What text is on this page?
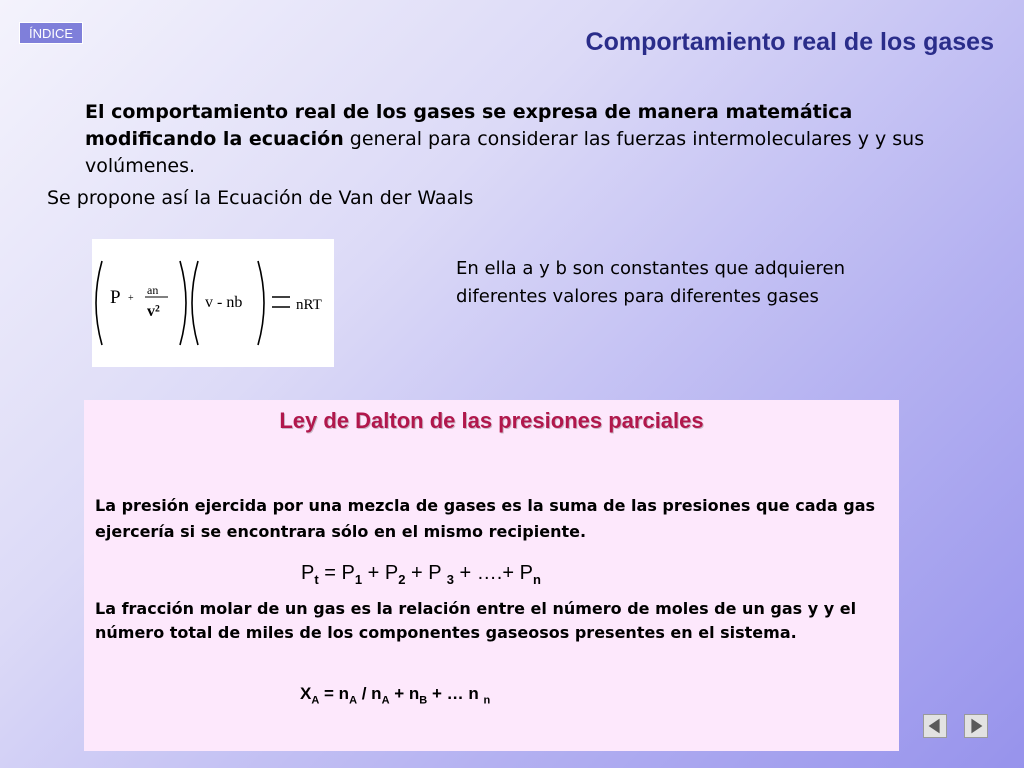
ÍNDICE	Comportamiento real de los gases
El comportamiento real de los gases se expresa de manera matemática modificando la ecuación general para considerar las fuerzas intermoleculares y y sus volúmenes.
Se propone así la Ecuación de Van der Waals
P +
an
v²
v - nb	nRT
En ella a y b son constantes que adquieren diferentes valores para diferentes gases
Ley de Dalton de las presiones parciales
La presión ejercida por una mezcla de gases es la suma de las presiones que cada gas ejercería si se encontrara sólo en el mismo recipiente.
$P_t = P_1 + P_2 + P$ $_3$ + ….+ $P_n$
La fracción molar de un gas es la relación entre el número de moles de un gas y y el número total de miles de los componentes gaseosos presentes en el sistema.
$X_A = n_A / n_A + n_B$ + … n $_n$
